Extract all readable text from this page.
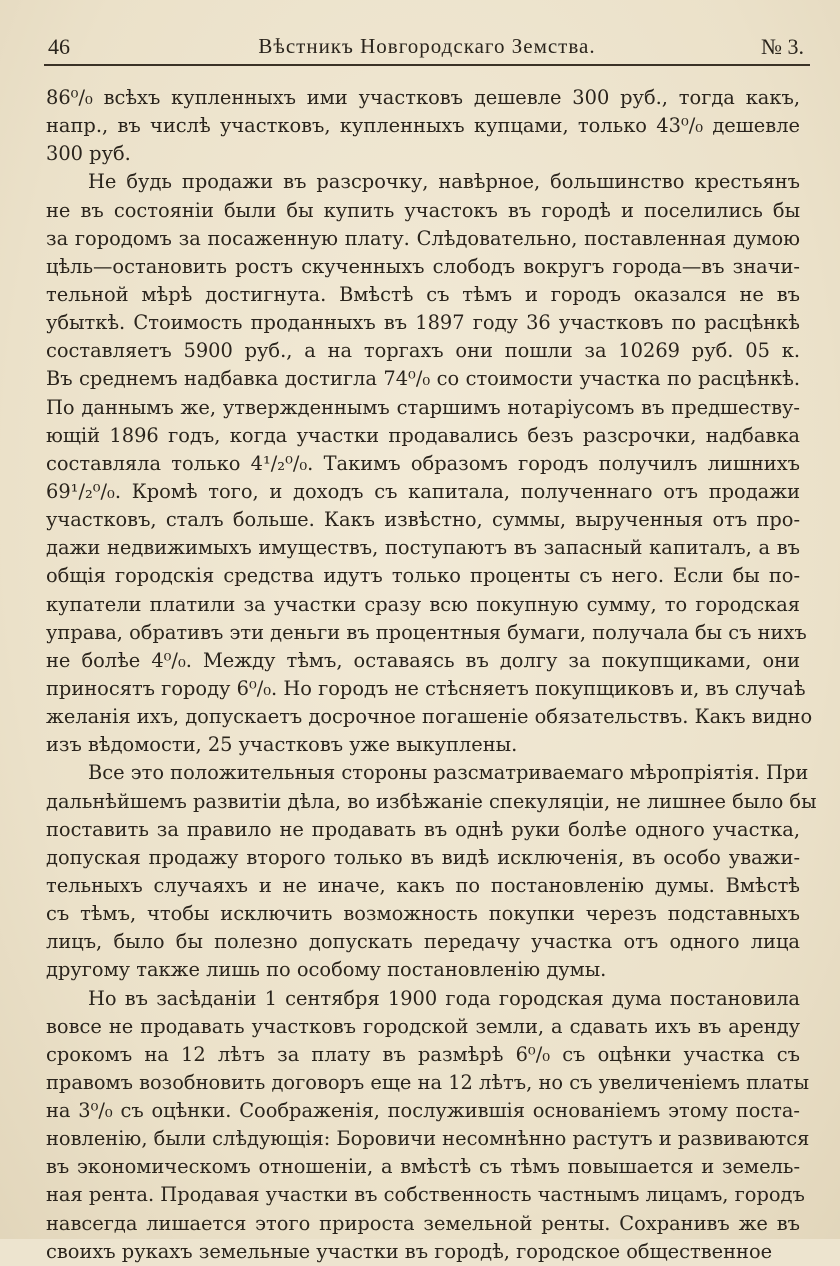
46	Вѣстникъ Новгородскаго Земства.	№ 3.
86⁰/₀ всѣхъ купленныхъ ими участковъ дешевле 300 руб., тогда какъ,
напр., въ числѣ участковъ, купленныхъ купцами, только 43⁰/₀ дешевле
300 руб.
Не будь продажи въ разсрочку, навѣрное, большинство крестьянъ
не въ состояніи были бы купить участокъ въ городѣ и поселились бы
за городомъ за посаженную плату. Слѣдовательно, поставленная думою
цѣль—остановить ростъ скученныхъ слободъ вокругъ города—въ значи-
тельной мѣрѣ достигнута. Вмѣстѣ съ тѣмъ и городъ оказался не въ
убыткѣ. Стоимость проданныхъ въ 1897 году 36 участковъ по расцѣнкѣ
составляетъ 5900 руб., а на торгахъ они пошли за 10269 руб. 05 к.
Въ среднемъ надбавка достигла 74⁰/₀ со стоимости участка по расцѣнкѣ.
По даннымъ же, утвержденнымъ старшимъ нотаріусомъ въ предшеству-
ющій 1896 годъ, когда участки продавались безъ разсрочки, надбавка
составляла только 4¹/₂⁰/₀. Такимъ образомъ городъ получилъ лишнихъ
69¹/₂⁰/₀. Кромѣ того, и доходъ съ капитала, полученнаго отъ продажи
участковъ, сталъ больше. Какъ извѣстно, суммы, вырученныя отъ про-
дажи недвижимыхъ имуществъ, поступаютъ въ запасный капиталъ, а въ
общія городскія средства идутъ только проценты съ него. Если бы по-
купатели платили за участки сразу всю покупную сумму, то городская
управа, обративъ эти деньги въ процентныя бумаги, получала бы съ нихъ
не болѣе 4⁰/₀. Между тѣмъ, оставаясь въ долгу за покупщиками, они
приносятъ городу 6⁰/₀. Но городъ не стѣсняетъ покупщиковъ и, въ случаѣ
желанія ихъ, допускаетъ досрочное погашеніе обязательствъ. Какъ видно
изъ вѣдомости, 25 участковъ уже выкуплены.
Все это положительныя стороны разсматриваемаго мѣропріятія. При
дальнѣйшемъ развитіи дѣла, во избѣжаніе спекуляціи, не лишнее было бы
поставить за правило не продавать въ однѣ руки болѣе одного участка,
допуская продажу второго только въ видѣ исключенія, въ особо уважи-
тельныхъ случаяхъ и не иначе, какъ по постановленію думы. Вмѣстѣ
съ тѣмъ, чтобы исключить возможность покупки черезъ подставныхъ
лицъ, было бы полезно допускать передачу участка отъ одного лица
другому также лишь по особому постановленію думы.
Но въ засѣданіи 1 сентября 1900 года городская дума постановила
вовсе не продавать участковъ городской земли, а сдавать ихъ въ аренду
срокомъ на 12 лѣтъ за плату въ размѣрѣ 6⁰/₀ съ оцѣнки участка съ
правомъ возобновить договоръ еще на 12 лѣтъ, но съ увеличеніемъ платы
на 3⁰/₀ съ оцѣнки. Соображенія, послужившія основаніемъ этому поста-
новленію, были слѣдующія: Боровичи несомнѣнно растутъ и развиваются
въ экономическомъ отношеніи, а вмѣстѣ съ тѣмъ повышается и земель-
ная рента. Продавая участки въ собственность частнымъ лицамъ, городъ
навсегда лишается этого прироста земельной ренты. Сохранивъ же въ
своихъ рукахъ земельные участки въ городѣ, городское общественное
